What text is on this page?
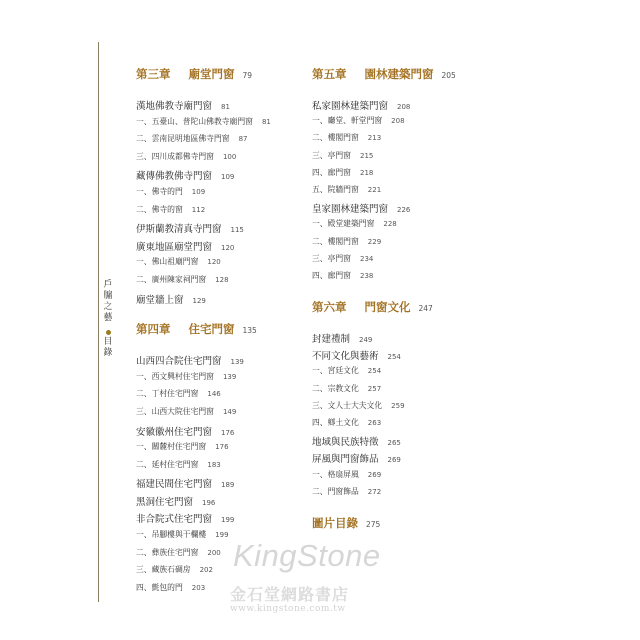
戶
牖
之
藝
目 錄
第三章 廟堂門窗 79
漢地佛教寺廟門窗 81
一、五臺山、普陀山佛教寺廟門窗 81
二、雲南昆明地區佛寺門窗 87
三、四川成都佛寺門窗 100
藏傳佛教佛寺門窗 109
一、佛寺的門 109
二、佛寺的窗 112
伊斯蘭教清真寺門窗 115
廣東地區廟堂門窗 120
一、佛山祖廟門窗 120
二、廣州陳家祠門窗 128
廟堂牆上窗 129
第四章 住宅門窗 135
山西四合院住宅門窗 139
一、西文興村住宅門窗 139
二、丁村住宅門窗 146
三、山西大院住宅門窗 149
安徽徽州住宅門窗 176
一、關麓村住宅門窗 176
二、延村住宅門窗 183
福建民間住宅門窗 189
黑洞住宅門窗 196
非合院式住宅門窗 199
一、吊腳樓與干欄樓 199
二、彝族住宅門窗 200
三、藏族石碉房 202
四、氈包的門 203
第五章 園林建築門窗 205
私家園林建築門窗 208
一、廳堂、軒堂門窗 208
二、樓閣門窗 213
三、亭門窗 215
四、廊門窗 218
五、院牆門窗 221
皇家園林建築門窗 226
一、殿堂建築門窗 228
二、樓閣門窗 229
三、亭門窗 234
四、廊門窗 238
第六章 門窗文化 247
封建禮制 249
不同文化與藝術 254
一、宮廷文化 254
二、宗教文化 257
三、文人士大夫文化 259
四、鄉土文化 263
地域與民族特徵 265
屏風與門窗飾品 269
一、格扇屏風 269
二、門窗飾品 272
圖片目錄 275
KingStone
金石堂網路書店
www.kingstone.com.tw
